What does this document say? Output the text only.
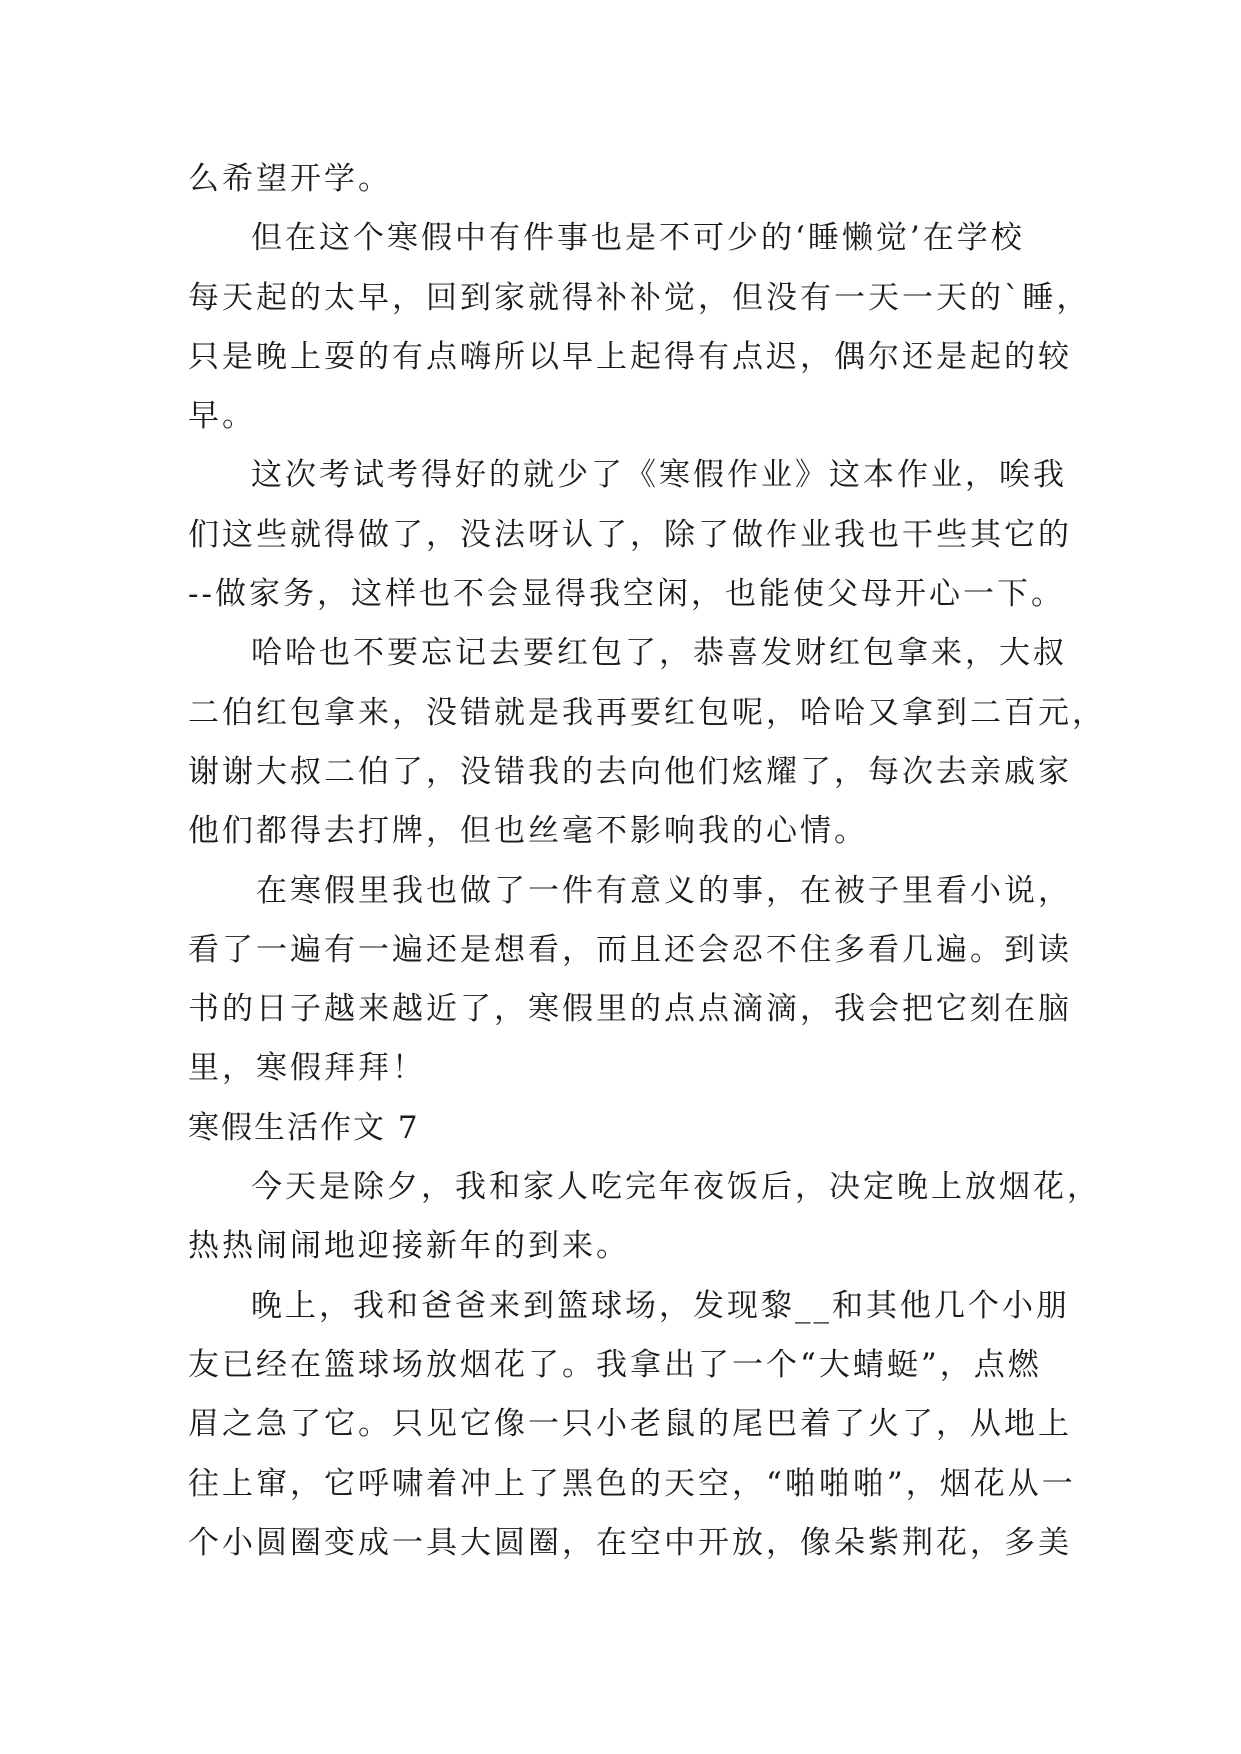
么希望开学。
但在这个寒假中有件事也是不可少的‘睡懒觉’在学校
每天起的太早，回到家就得补补觉，但没有一天一天的`睡，
只是晚上耍的有点嗨所以早上起得有点迟，偶尔还是起的较
早。
这次考试考得好的就少了《寒假作业》这本作业，唉我
们这些就得做了，没法呀认了，除了做作业我也干些其它的
--做家务，这样也不会显得我空闲，也能使父母开心一下。
哈哈也不要忘记去要红包了，恭喜发财红包拿来，大叔
二伯红包拿来，没错就是我再要红包呢，哈哈又拿到二百元，
谢谢大叔二伯了，没错我的去向他们炫耀了，每次去亲戚家
他们都得去打牌，但也丝毫不影响我的心情。
在寒假里我也做了一件有意义的事，在被子里看小说，
看了一遍有一遍还是想看，而且还会忍不住多看几遍。到读
书的日子越来越近了，寒假里的点点滴滴，我会把它刻在脑
里，寒假拜拜！
寒假生活作文 7
今天是除夕，我和家人吃完年夜饭后，决定晚上放烟花，
热热闹闹地迎接新年的到来。
晚上，我和爸爸来到篮球场，发现黎__和其他几个小朋
友已经在篮球场放烟花了。我拿出了一个“大蜻蜓”，点燃
眉之急了它。只见它像一只小老鼠的尾巴着了火了，从地上
往上窜，它呼啸着冲上了黑色的天空，“啪啪啪”，烟花从一
个小圆圈变成一具大圆圈，在空中开放，像朵紫荆花，多美
